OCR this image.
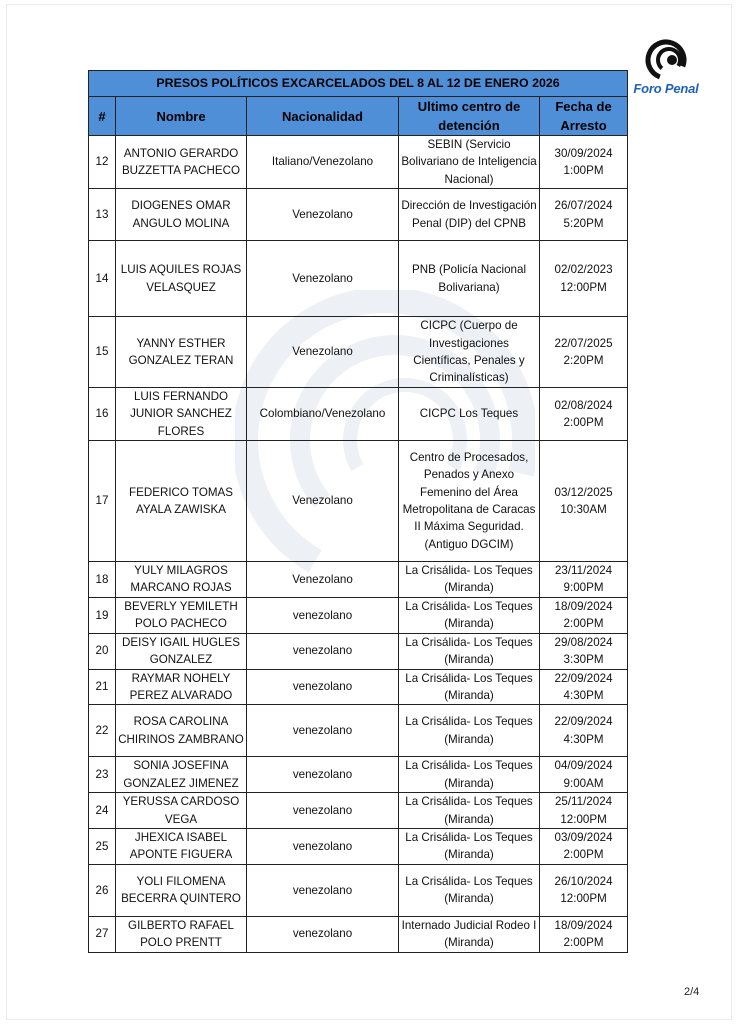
Foro Penal
PRESOS POLÍTICOS EXCARCELADOS DEL 8 AL 12 DE ENERO 2026				
#	Nombre	Nacionalidad	Ultimo centro de detención	Fecha de Arresto
12	ANTONIO GERARDO BUZZETTA PACHECO	Italiano/Venezolano	SEBIN (Servicio Bolivariano de Inteligencia Nacional)	30/09/2024 1:00PM
13	DIOGENES OMAR ANGULO MOLINA	Venezolano	Dirección de Investigación Penal (DIP) del CPNB	26/07/2024 5:20PM
14	LUIS AQUILES ROJAS VELASQUEZ	Venezolano	PNB (Policía Nacional Bolivariana)	02/02/2023 12:00PM
15	YANNY ESTHER GONZALEZ TERAN	Venezolano	CICPC (Cuerpo de Investigaciones Científicas, Penales y Criminalísticas)	22/07/2025 2:20PM
16	LUIS FERNANDO JUNIOR SANCHEZ FLORES	Colombiano/Venezolano	CICPC Los Teques	02/08/2024 2:00PM
17	FEDERICO TOMAS AYALA ZAWISKA	Venezolano	Centro de Procesados, Penados y Anexo Femenino del Área Metropolitana de Caracas II Máxima Seguridad. (Antiguo DGCIM)	03/12/2025 10:30AM
18	YULY MILAGROS MARCANO ROJAS	Venezolano	La Crisálida- Los Teques (Miranda)	23/11/2024 9:00PM
19	BEVERLY YEMILETH POLO PACHECO	venezolano	La Crisálida- Los Teques (Miranda)	18/09/2024 2:00PM
20	DEISY IGAIL HUGLES GONZALEZ	venezolano	La Crisálida- Los Teques (Miranda)	29/08/2024 3:30PM
21	RAYMAR NOHELY PEREZ ALVARADO	venezolano	La Crisálida- Los Teques (Miranda)	22/09/2024 4:30PM
22	ROSA CAROLINA CHIRINOS ZAMBRANO	venezolano	La Crisálida- Los Teques (Miranda)	22/09/2024 4:30PM
23	SONIA JOSEFINA GONZALEZ JIMENEZ	venezolano	La Crisálida- Los Teques (Miranda)	04/09/2024 9:00AM
24	YERUSSA CARDOSO VEGA	venezolano	La Crisálida- Los Teques (Miranda)	25/11/2024 12:00PM
25	JHEXICA ISABEL APONTE FIGUERA	venezolano	La Crisálida- Los Teques (Miranda)	03/09/2024 2:00PM
26	YOLI FILOMENA BECERRA QUINTERO	venezolano	La Crisálida- Los Teques (Miranda)	26/10/2024 12:00PM
27	GILBERTO RAFAEL POLO PRENTT	venezolano	Internado Judicial Rodeo I (Miranda)	18/09/2024 2:00PM
2/4
